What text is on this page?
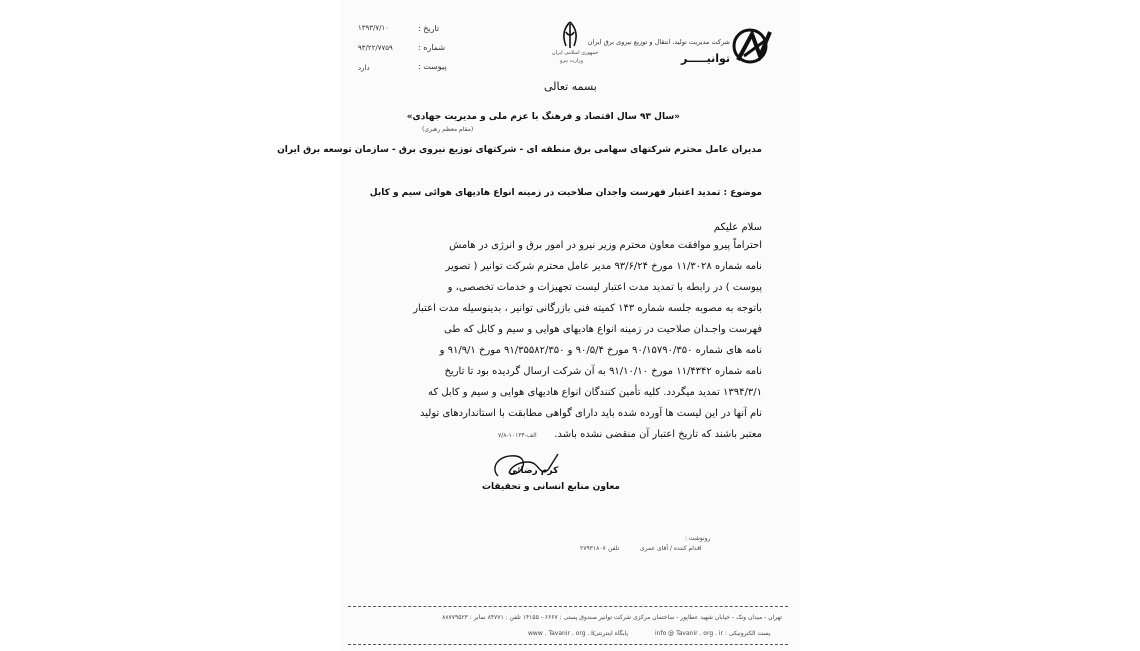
شرکت مدیریت تولید، انتقال و توزیع نیروی برق ایران
توانیـــــر
جمهوری اسلامی ایران
وزارت نیرو
تاریخ :
۱۳۹۳/۷/۱۰
شماره :
۹۳/۲۲/۷۷۵۹
پیوست :
دارد
بسمه تعالی
«سال ۹۳ سال اقتصاد و فرهنگ با عزم ملی و مدیریت جهادی»
(مقام معظم رهبری)
مدیران عامل محترم شرکتهای سهامی برق منطقه ای - شرکتهای توزیع نیروی برق - سازمان توسعه برق ایران
موضوع : تمدید اعتبار فهرست واجدان صلاحیت در زمینه انواع هادیهای هوائی سیم و کابل
سلام علیکم
احتراماً پیرو موافقت معاون محترم وزیر نیرو در امور برق و انرژی در هامش
نامه شماره ۱۱/۳۰۲۸ مورخ ۹۳/۶/۲۴ مدیر عامل محترم شرکت توانیر ( تصویر
پیوست ) در رابطه با تمدید مدت اعتبار لیست تجهیزات و خدمات تخصصی، و
باتوجه به مصوبه جلسه شماره ۱۴۳ کمیته فنی بازرگانی توانیر ، بدینوسیله مدت اعتبار
فهرست واجـدان صلاحیت در زمینه انواع هادیهای هوایی و سیم و کابل که طی
نامه های شماره ۹۰/۱۵۷۹۰/۳۵۰ مورخ ۹۰/۵/۴ و ۹۱/۳۵۵۸۲/۳۵۰ مورخ ۹۱/۹/۱ و
نامه شماره ۱۱/۴۳۴۲ مورخ ۹۱/۱۰/۱۰ به آن شرکت ارسال گردیده بود تا تاریخ
۱۳۹۴/۳/۱ تمدید میگردد. کلیه تأمین کنندگان انواع هادیهای هوایی و سیم و کابل که
نام آنها در این لیست ها آورده شده باید دارای گواهی مطابقت با استانداردهای تولید
معتبر باشند که تاریخ اعتبار آن منقضی نشده باشد.
الف-۱۰۱۳۴-۷/۸
کرم رضائی
معاون منابع انسانی و تحقیقات
رونوشت :
اقدام کننده / آقای عمری
تلفن
۲۷۹۳۱۸۰۷
تهران - میدان ونک - خیابان شهید عطاپور - ساختمان مرکزی شرکت توانیر صندوق پستی : ۶۶۶۷ - ۱۴۱۵۵ تلفن : ۸۴۷۷۱ نمابر : ۸۸۷۷۹۵۲۳
پست الکترونیکی :
info @ Tavanir . org . ir
پایگاه اینترنتی :
www . Tavanir . org . ir
